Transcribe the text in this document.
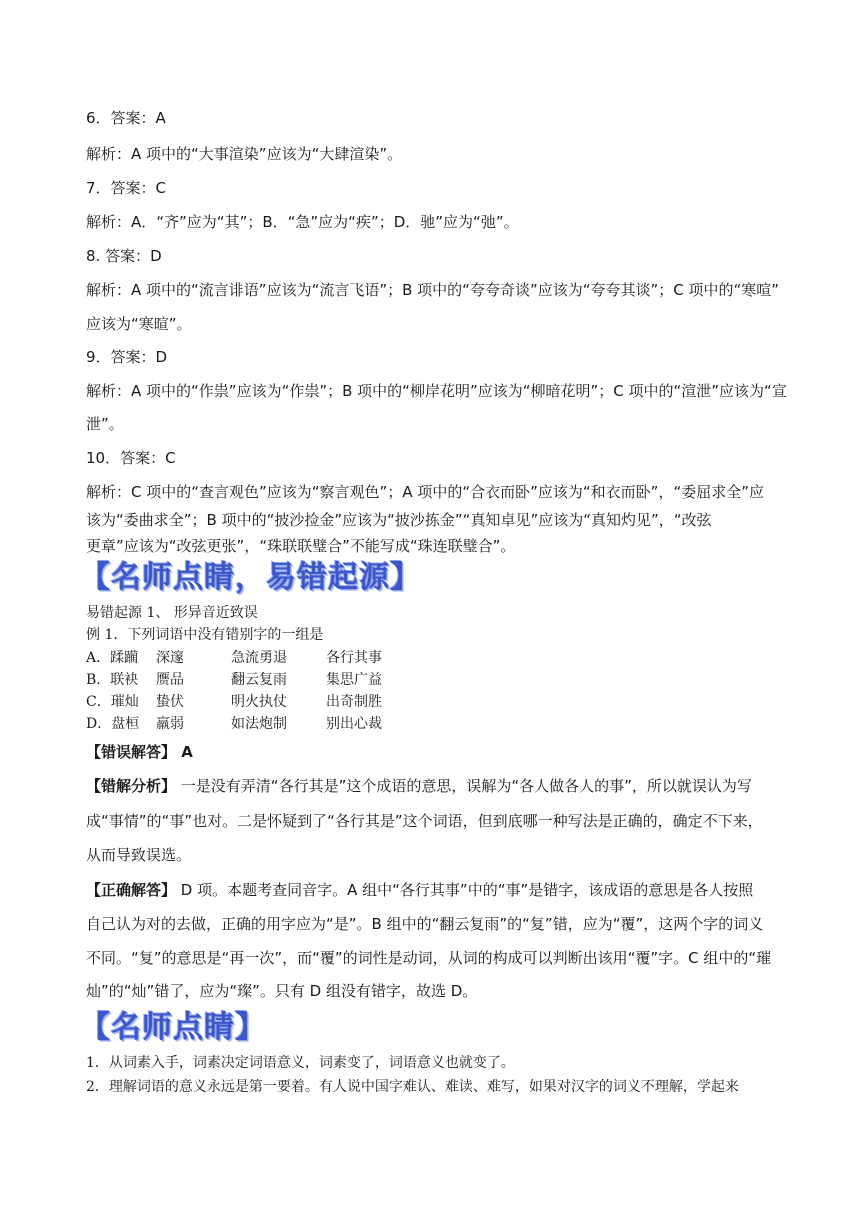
6．答案：A
解析：A 项中的“大事渲染”应该为“大肆渲染”。
7．答案：C
解析：A．“齐”应为“其”；B．“急”应为“疾”；D．驰”应为“弛”。
8. 答案：D
解析：A 项中的“流言诽语”应该为“流言飞语”；B 项中的“夸夸奇谈”应该为“夸夸其谈”；C 项中的“寒喧”
应该为“寒暄”。
9．答案：D
解析：A 项中的“作祟”应该为“作祟”；B 项中的“柳岸花明”应该为“柳暗花明”；C 项中的“渲泄”应该为“宣
泄”。
10．答案：C
解析：C 项中的“查言观色”应该为“察言观色”；A 项中的“合衣而卧”应该为“和衣而卧”，“委屈求全”应
该为“委曲求全”；B 项中的“披沙捡金”应该为“披沙拣金”“真知卓见”应该为“真知灼见”，“改弦
更章”应该为“改弦更张”，“珠联联璧合”不能写成“珠连联璧合”。
【名师点睛，易错起源】
易错起源 1、 形异音近致误
例 1．下列词语中没有错别字的一组是
A．蹂躏 深邃	急流勇退	各行其事
B．联袂 赝品	翻云复雨	集思广益
C．璀灿 蛰伏	明火执仗	出奇制胜
D．盘桓 羸弱	如法炮制	别出心裁
【错误解答】 A
【错解分析】 一是没有弄清“各行其是”这个成语的意思，误解为“各人做各人的事”，所以就误认为写
成“事情”的“事”也对。二是怀疑到了“各行其是”这个词语，但到底哪一种写法是正确的，确定不下来，
从而导致误选。
【正确解答】 D 项。本题考查同音字。A 组中“各行其事”中的“事”是错字，该成语的意思是各人按照
自己认为对的去做，正确的用字应为“是”。B 组中的“翻云复雨”的“复”错，应为“覆”，这两个字的词义
不同。“复”的意思是“再一次”，而“覆”的词性是动词，从词的构成可以判断出该用“覆”字。C 组中的“璀
灿”的“灿”错了，应为“璨”。只有 D 组没有错字，故选 D。
【名师点睛】
1．从词素入手，词素决定词语意义，词素变了，词语意义也就变了。
2．理解词语的意义永远是第一要着。有人说中国字难认、难读、难写，如果对汉字的词义不理解，学起来
